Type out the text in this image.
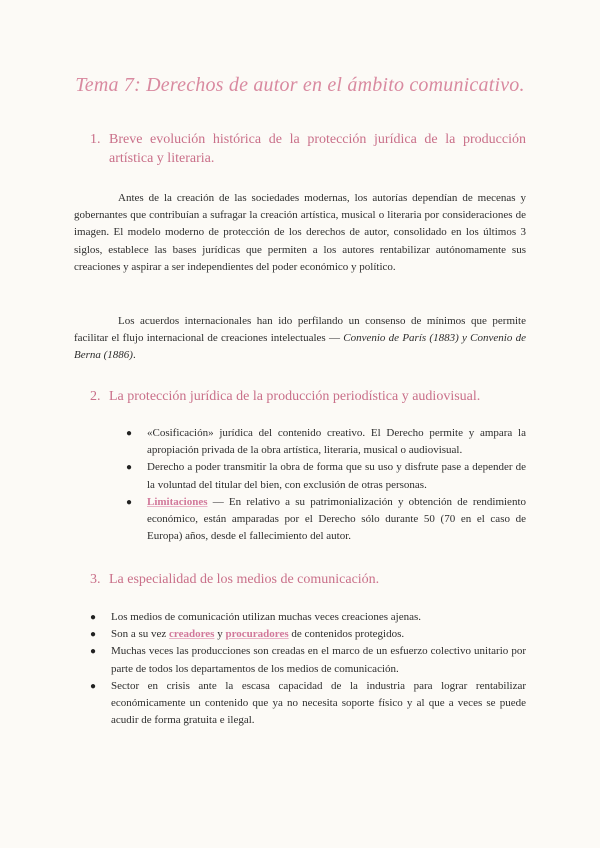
Tema 7: Derechos de autor en el ámbito comunicativo.
1. Breve evolución histórica de la protección jurídica de la producción artística y literaria.

Antes de la creación de las sociedades modernas, los autorías dependían de mecenas y gobernantes que contribuían a sufragar la creación artística, musical o literaria por consideraciones de imagen. El modelo moderno de protección de los derechos de autor, consolidado en los últimos 3 siglos, establece las bases jurídicas que permiten a los autores rentabilizar autónomamente sus creaciones y aspirar a ser independientes del poder económico y político.

Los acuerdos internacionales han ido perfilando un consenso de mínimos que permite facilitar el flujo internacional de creaciones intelectuales — Convenio de París (1883) y Convenio de Berna (1886).

2. La protección jurídica de la producción periodística y audiovisual.
● «Cosificación» jurídica del contenido creativo. El Derecho permite y ampara la apropiación privada de la obra artística, literaria, musical o audiovisual.
● Derecho a poder transmitir la obra de forma que su uso y disfrute pase a depender de la voluntad del titular del bien, con exclusión de otras personas.
● Limitaciones — En relativo a su patrimonialización y obtención de rendimiento económico, están amparadas por el Derecho sólo durante 50 (70 en el caso de Europa) años, desde el fallecimiento del autor.
3. La especialidad de los medios de comunicación.
● Los medios de comunicación utilizan muchas veces creaciones ajenas.
● Son a su vez creadores y procuradores de contenidos protegidos.
● Muchas veces las producciones son creadas en el marco de un esfuerzo colectivo unitario por parte de todos los departamentos de los medios de comunicación.
● Sector en crisis ante la escasa capacidad de la industria para lograr rentabilizar económicamente un contenido que ya no necesita soporte físico y al que a veces se puede acudir de forma gratuita e ilegal.
